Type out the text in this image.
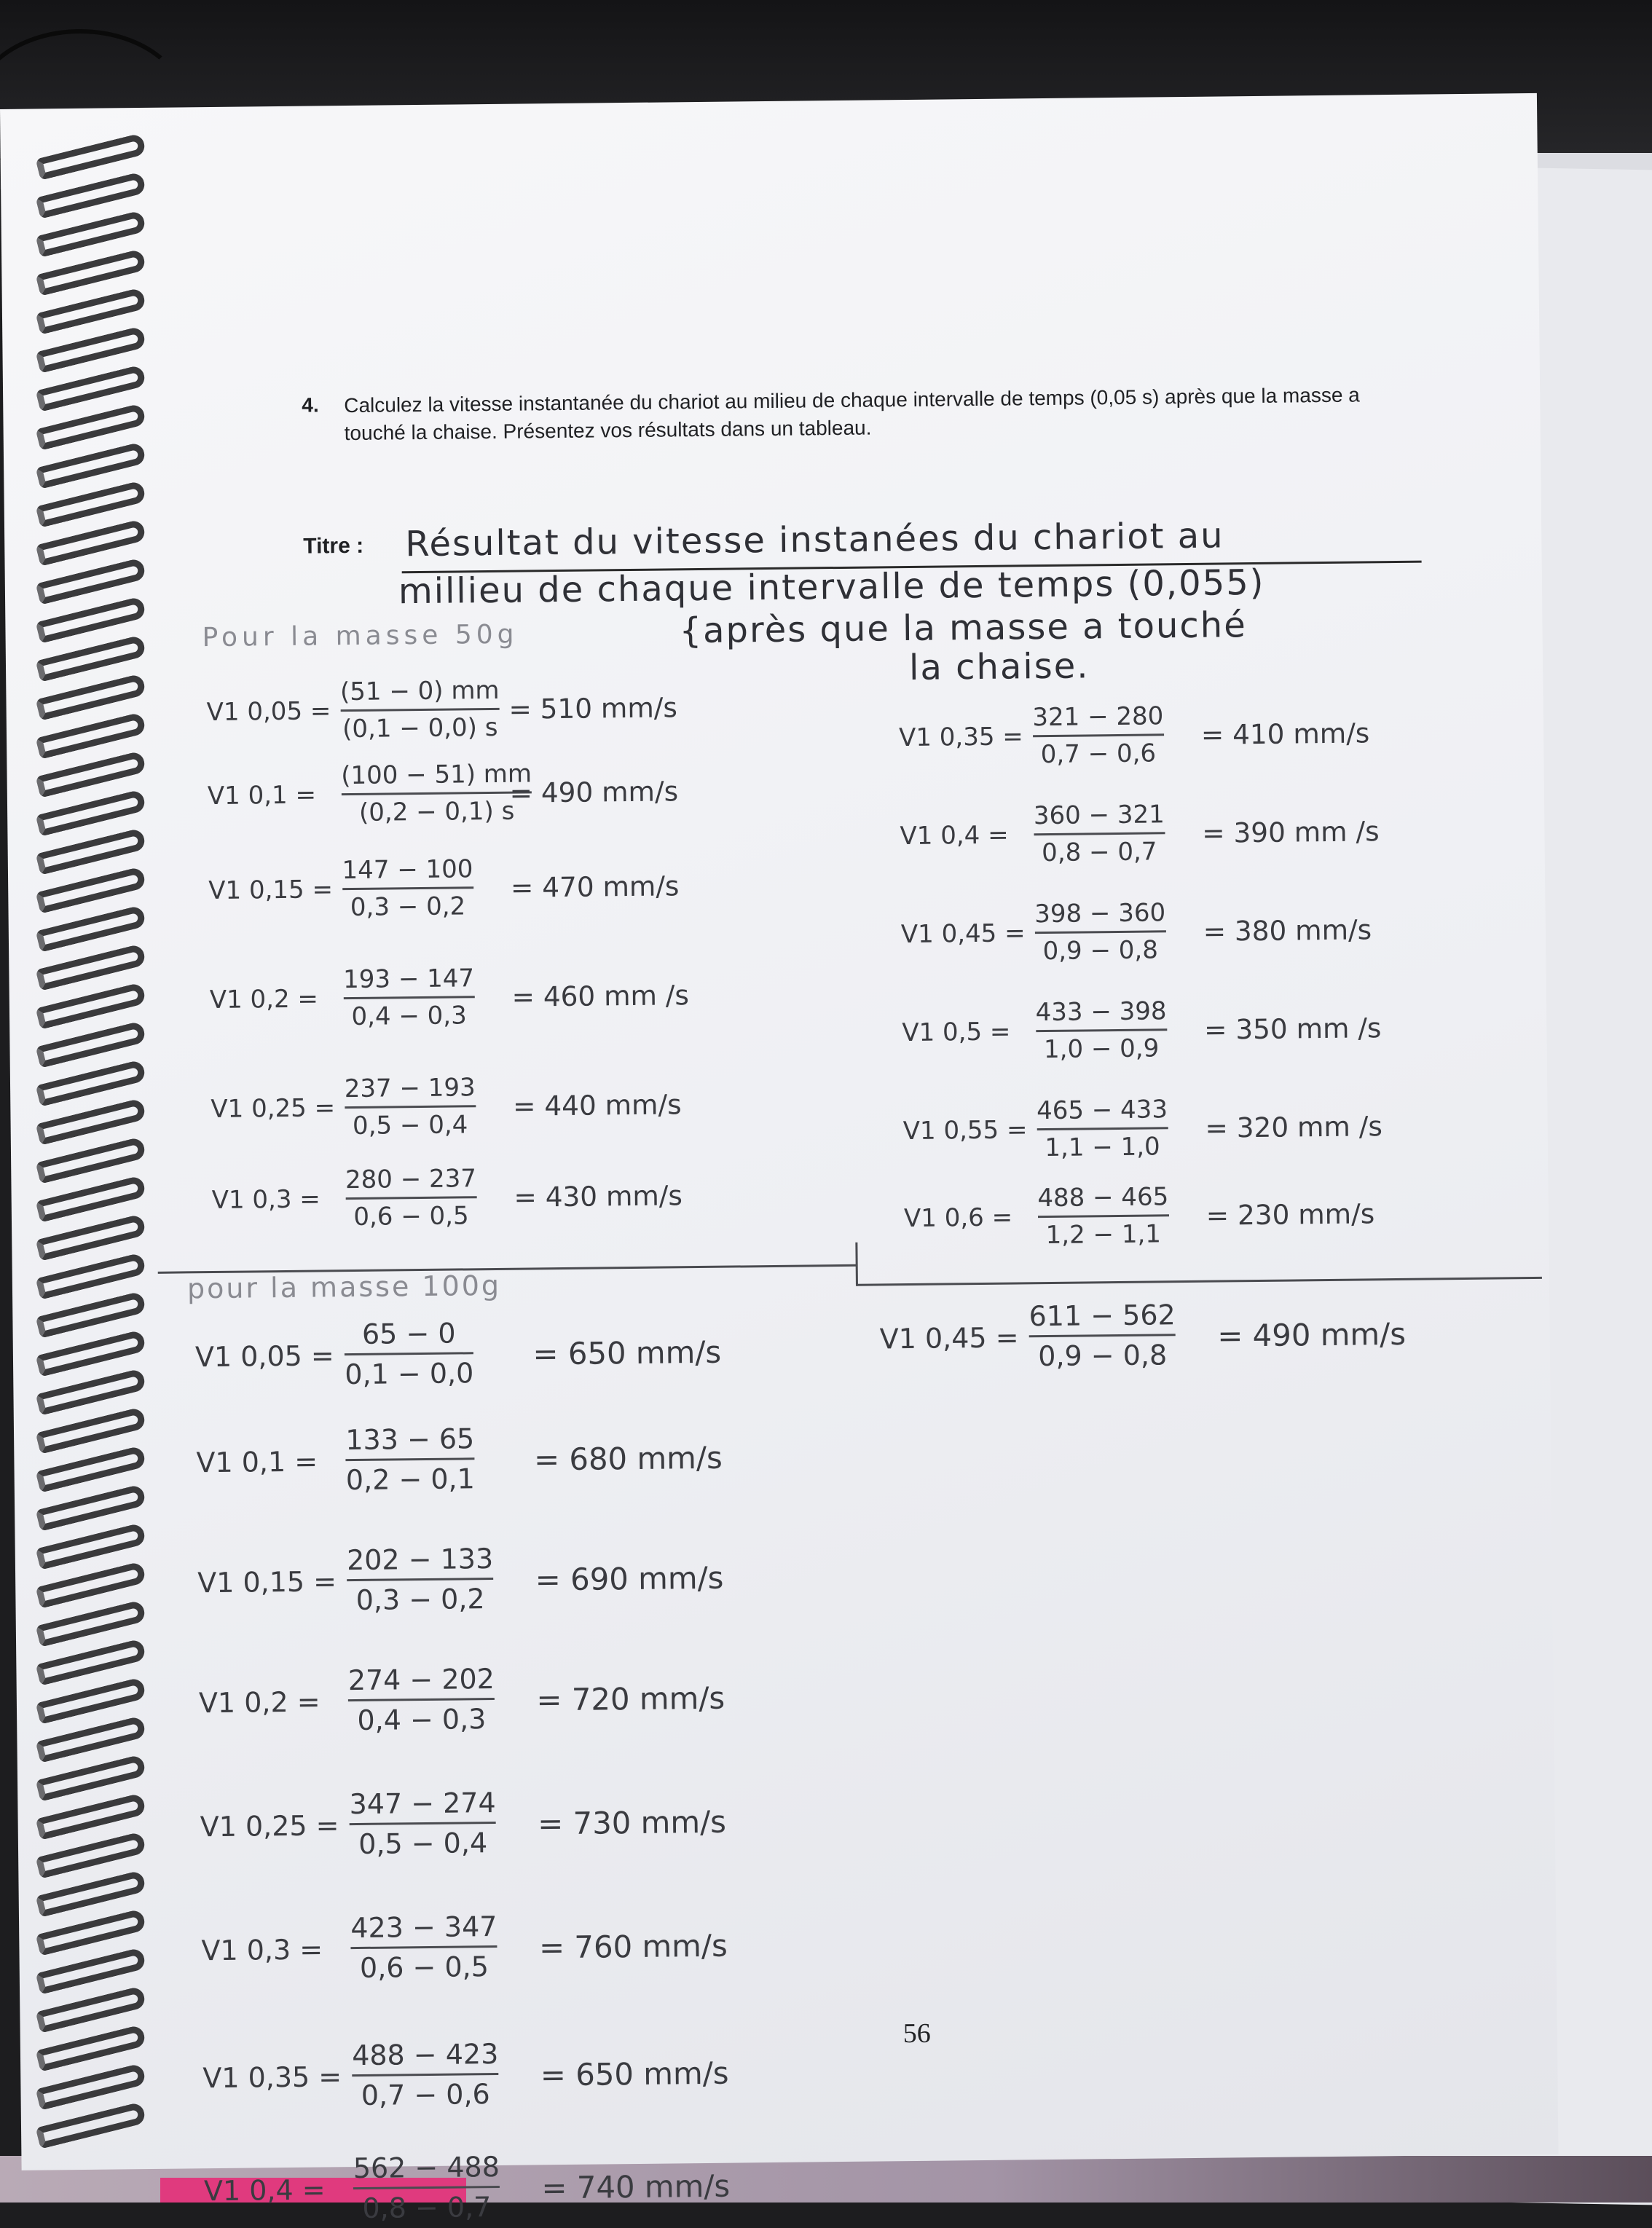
4. Calculez la vitesse instantanée du chariot au milieu de chaque intervalle de temps (0,05 s) après que la masse a touché la chaise. Présentez vos résultats dans un tableau.
Titre : Résultat du vitesse instanées du chariot au
millieu de chaque intervalle de temps (0,055)
{après que la masse a touché
la chaise.
Pour la masse 50g
V1 0,05 =
(51 − 0) mm
(0,1 − 0,0) s
= 510 mm/s
V1 0,1 =
(100 − 51) mm
(0,2 − 0,1) s
= 490 mm/s
V1 0,15 =
147 − 100
0,3 − 0,2
= 470 mm/s
V1 0,2 =
193 − 147
0,4 − 0,3
= 460 mm /s
V1 0,25 =
237 − 193
0,5 − 0,4
= 440 mm/s
V1 0,3 =
280 − 237
0,6 − 0,5
= 430 mm/s
V1 0,35 =
321 − 280
0,7 − 0,6
= 410 mm/s
V1 0,4 =
360 − 321
0,8 − 0,7
= 390 mm /s
V1 0,45 =
398 − 360
0,9 − 0,8
= 380 mm/s
V1 0,5 =
433 − 398
1,0 − 0,9
= 350 mm /s
V1 0,55 =
465 − 433
1,1 − 1,0
= 320 mm /s
V1 0,6 =
488 − 465
1,2 − 1,1
= 230 mm/s
pour la masse 100g
V1 0,05 =
65 − 0
0,1 − 0,0
= 650 mm/s
V1 0,1 =
133 − 65
0,2 − 0,1
= 680 mm/s
V1 0,15 =
202 − 133
0,3 − 0,2
= 690 mm/s
V1 0,2 =
274 − 202
0,4 − 0,3
= 720 mm/s
V1 0,25 =
347 − 274
0,5 − 0,4
= 730 mm/s
V1 0,3 =
423 − 347
0,6 − 0,5
= 760 mm/s
V1 0,35 =
488 − 423
0,7 − 0,6
= 650 mm/s
V1 0,4 =
562 − 488
0,8 − 0,7
= 740 mm/s
V1 0,45 =
611 − 562
0,9 − 0,8
= 490 mm/s
56
